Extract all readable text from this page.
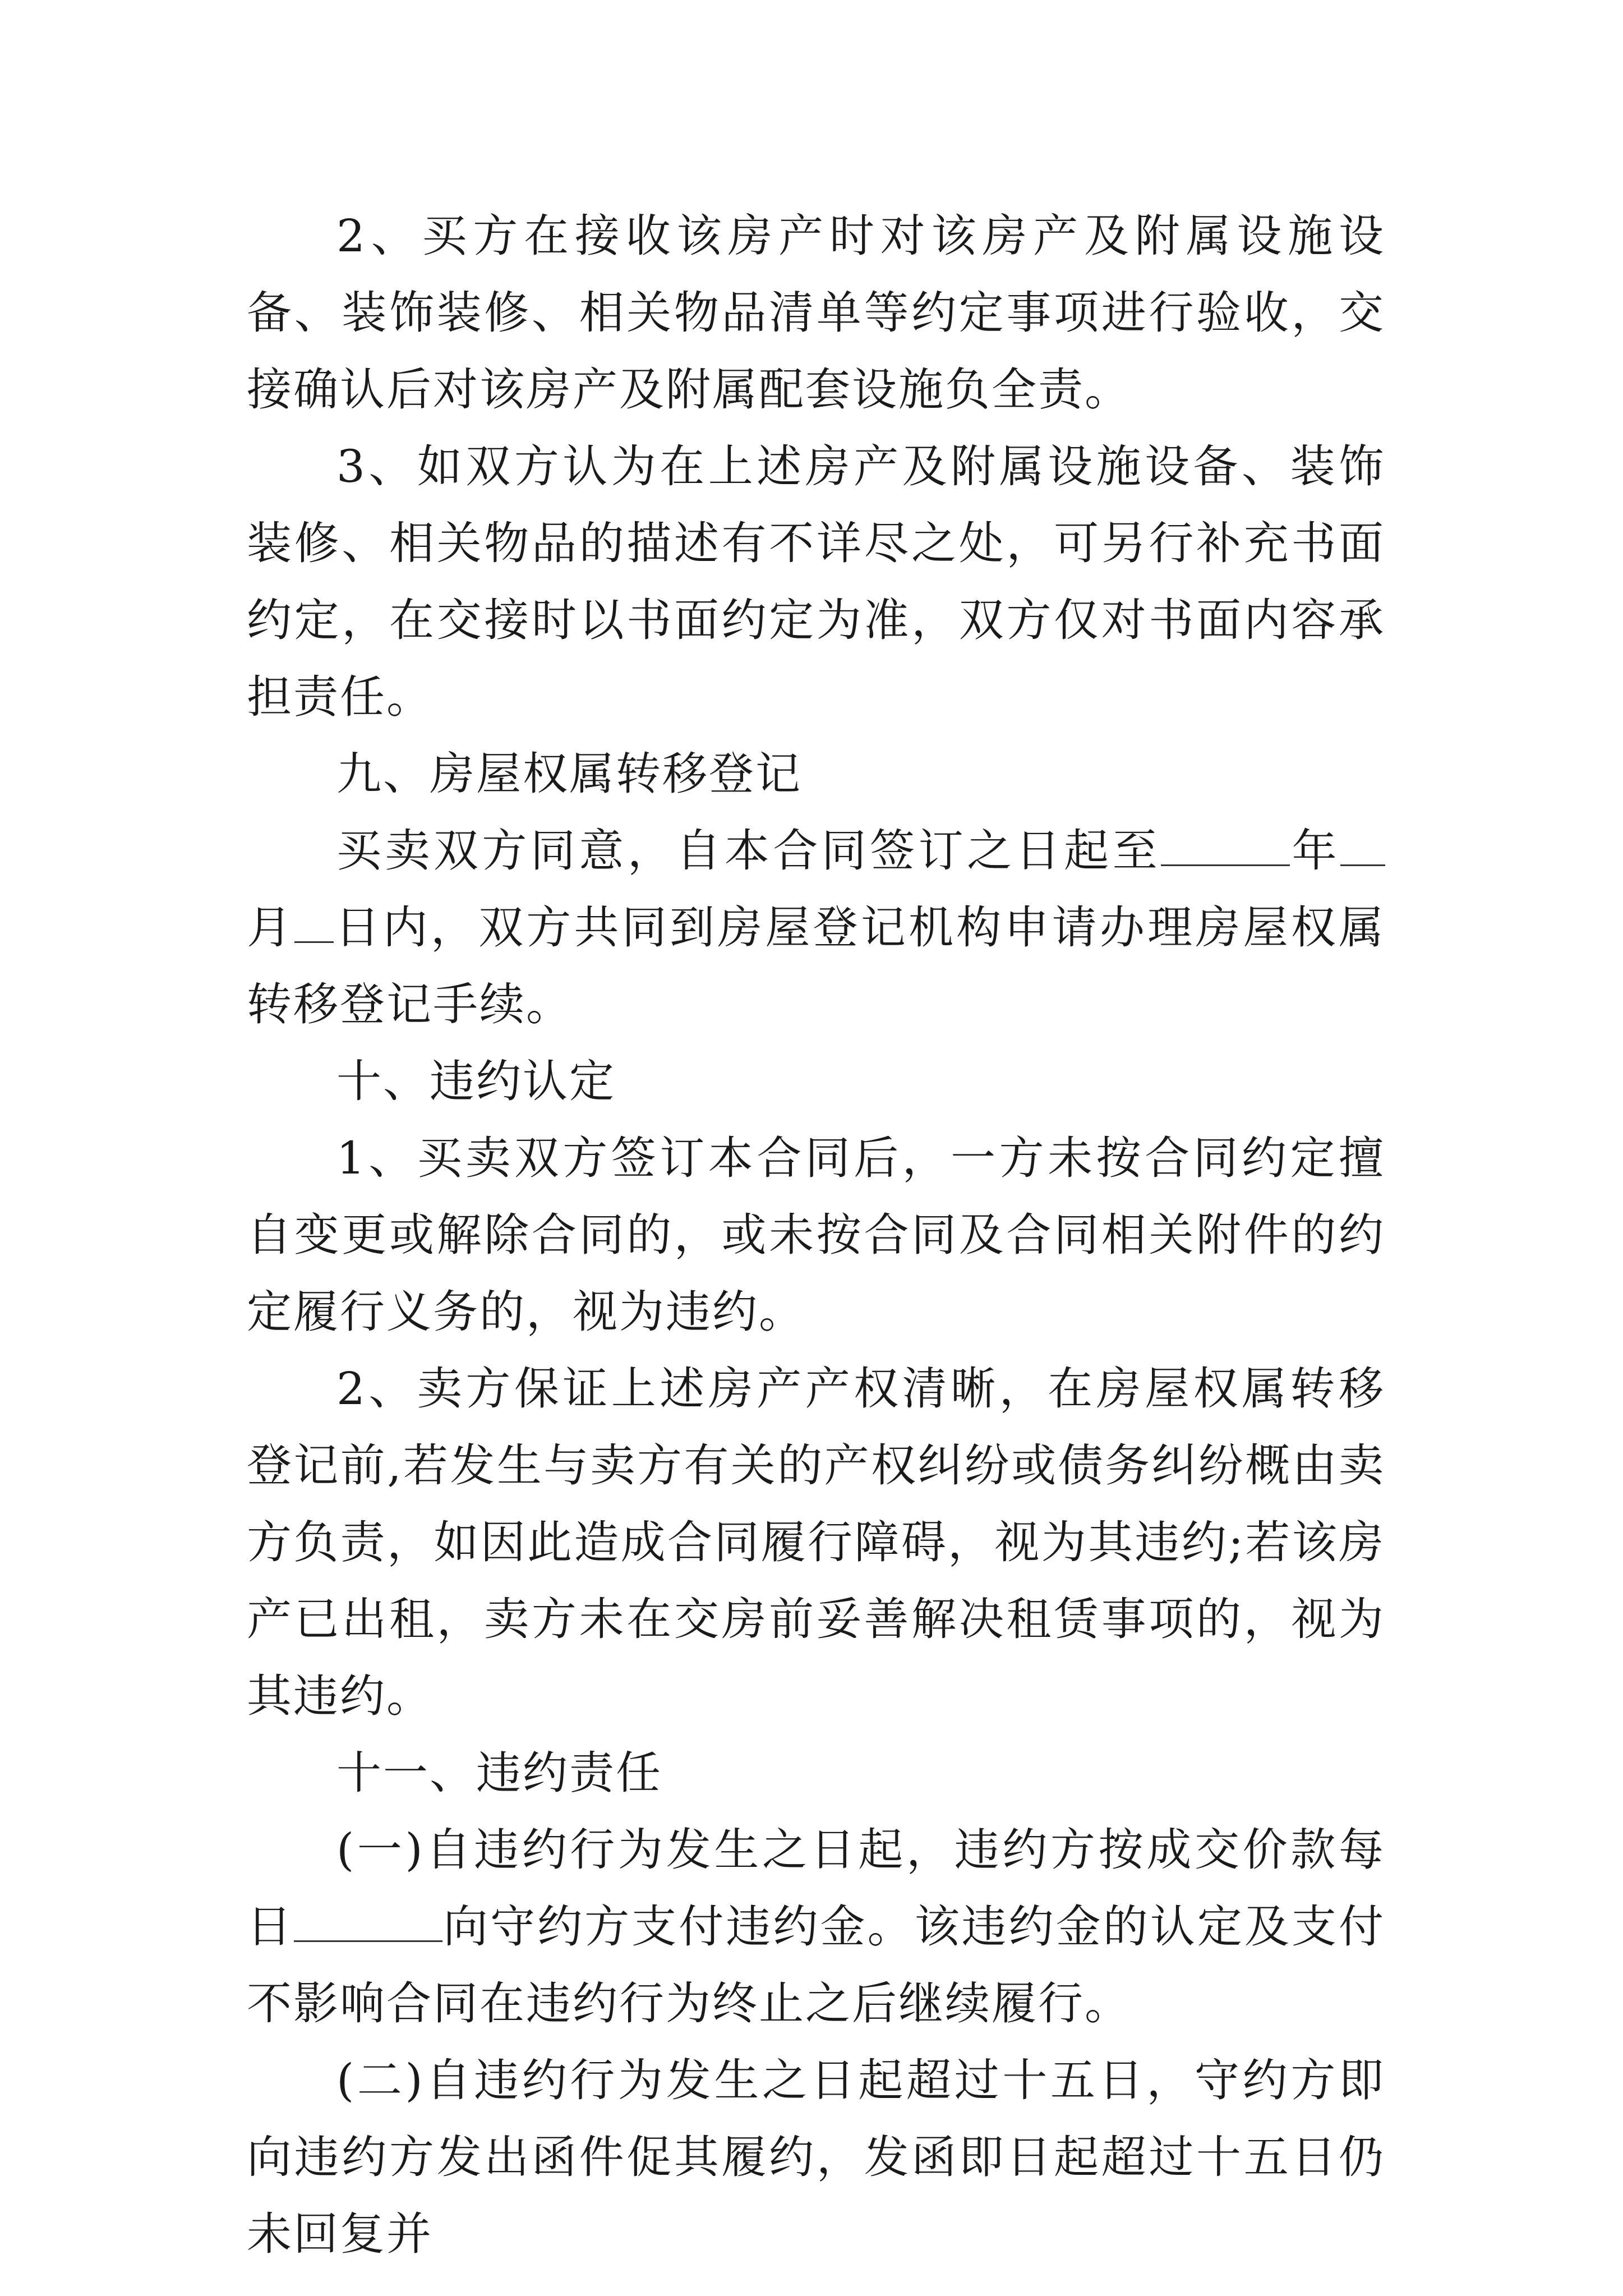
2、买方在接收该房产时对该房产及附属设施设备、装饰装修、相关物品清单等约定事项进行验收，交接确认后对该房产及附属配套设施负全责。

3、如双方认为在上述房产及附属设施设备、装饰装修、相关物品的描述有不详尽之处，可另行补充书面约定，在交接时以书面约定为准，双方仅对书面内容承担责任。

九、房屋权属转移登记

买卖双方同意，自本合同签订之日起至	年月 日内，双方共同到房屋登记机构申请办理房屋权属转移登记手续。

十、违约认定

1、买卖双方签订本合同后，一方未按合同约定擅自变更或解除合同的，或未按合同及合同相关附件的约定履行义务的，视为违约。

2、卖方保证上述房产产权清晰，在房屋权属转移登记前,若发生与卖方有关的产权纠纷或债务纠纷概由卖方负责，如因此造成合同履行障碍，视为其违约;若该房产已出租，卖方未在交房前妥善解决租赁事项的，视为其违约。

十一、违约责任

(一)自违约行为发生之日起，违约方按成交价款每日	向守约方支付违约金。该违约金的认定及支付不影响合同在违约行为终止之后继续履行。

(二)自违约行为发生之日起超过十五日，守约方即向违约方发出函件促其履约，发函即日起超过十五日仍未回复并
